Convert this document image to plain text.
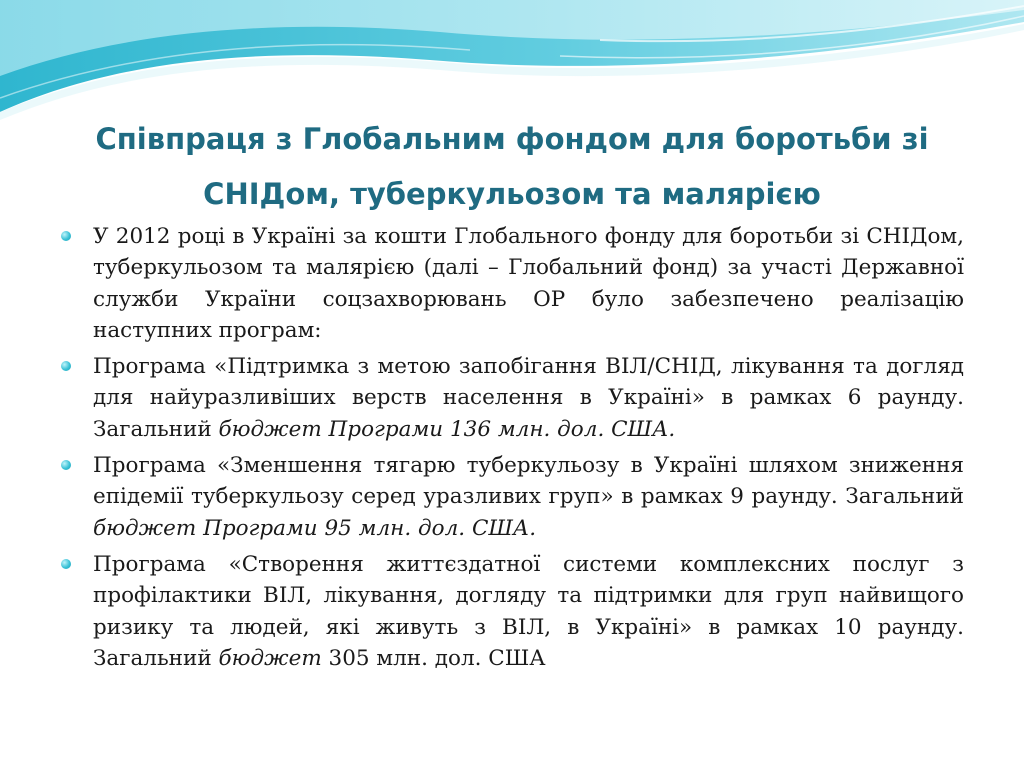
Співпраця з Глобальним фондом для боротьби зі СНІДом, туберкульозом та малярією
У 2012 році в Україні за кошти Глобального фонду для боротьби зі СНІДом, туберкульозом та малярією (далі – Глобальний фонд) за участі Державної служби України соцзахворювань ОР було забезпечено реалізацію наступних програм:
Програма «Підтримка з метою запобігання ВІЛ/СНІД, лікування та догляд для найуразливіших верств населення в Україні» в рамках 6 раунду. Загальний бюджет Програми 136 млн. дол. США.
Програма «Зменшення тягарю туберкульозу в Україні шляхом зниження епідемії туберкульозу серед уразливих груп» в рамках 9 раунду. Загальний бюджет Програми 95 млн. дол. США.
Програма «Створення життєздатної системи комплексних послуг з профілактики ВІЛ, лікування, догляду та підтримки для груп найвищого ризику та людей, які живуть з ВІЛ, в Україні» в рамках 10 раунду. Загальний бюджет 305 млн. дол. США
